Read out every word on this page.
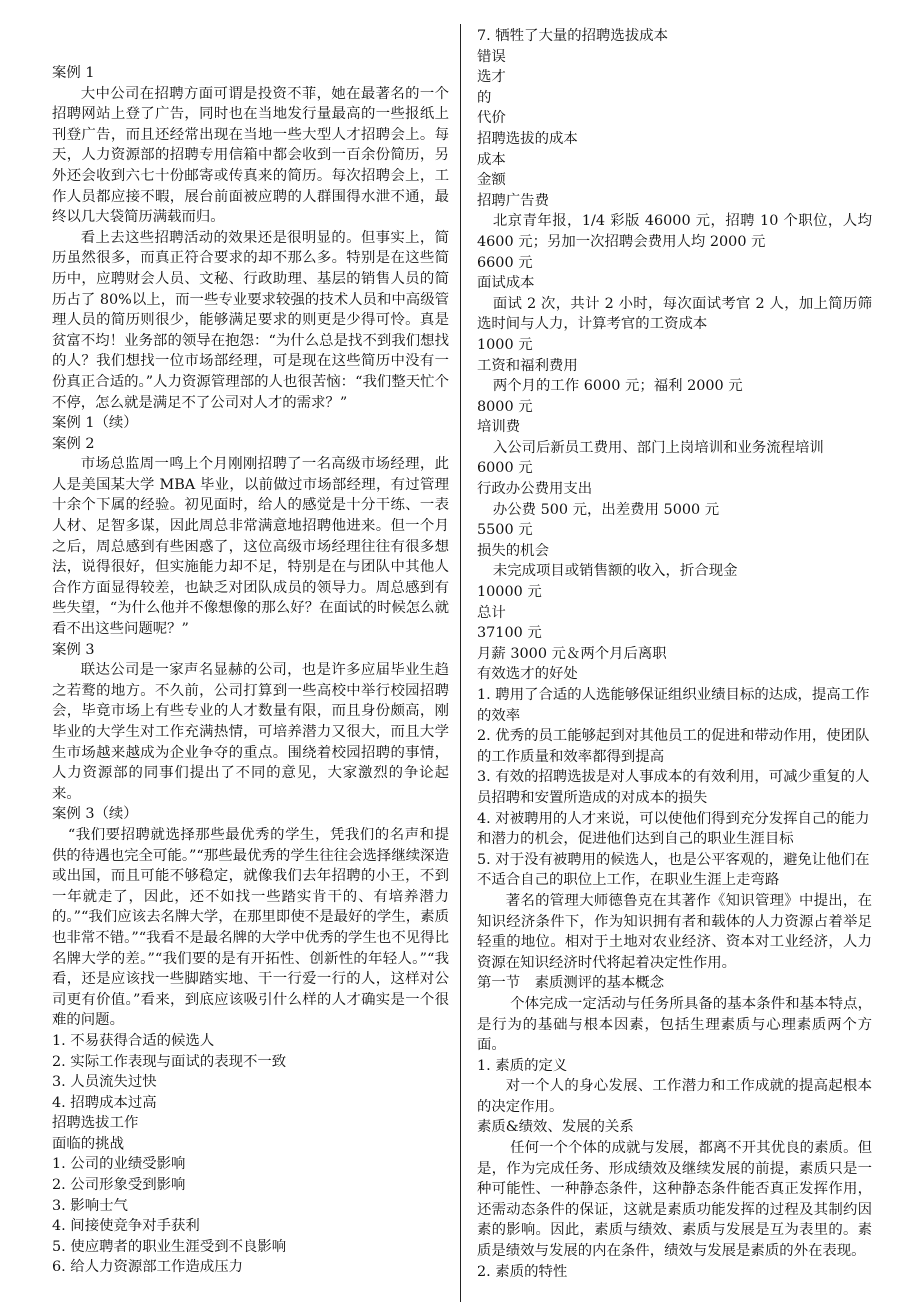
案例 1

大中公司在招聘方面可谓是投资不菲，她在最著名的一个招聘网站上登了广告，同时也在当地发行量最高的一些报纸上刊登广告，而且还经常出现在当地一些大型人才招聘会上。每天，人力资源部的招聘专用信箱中都会收到一百余份简历，另外还会收到六七十份邮寄或传真来的简历。每次招聘会上，工作人员都应接不暇，展台前面被应聘的人群围得水泄不通，最终以几大袋简历满载而归。

看上去这些招聘活动的效果还是很明显的。但事实上，简历虽然很多，而真正符合要求的却不那么多。特别是在这些简历中，应聘财会人员、文秘、行政助理、基层的销售人员的简历占了 80%以上，而一些专业要求较强的技术人员和中高级管理人员的简历则很少，能够满足要求的则更是少得可怜。真是贫富不均！业务部的领导在抱怨：“为什么总是找不到我们想找的人？我们想找一位市场部经理，可是现在这些简历中没有一份真正合适的。”人力资源管理部的人也很苦恼：“我们整天忙个不停，怎么就是满足不了公司对人才的需求？”

案例 1（续）

案例 2

市场总监周一鸣上个月刚刚招聘了一名高级市场经理，此人是美国某大学 MBA 毕业，以前做过市场部经理，有过管理十余个下属的经验。初见面时，给人的感觉是十分干练、一表人材、足智多谋，因此周总非常满意地招聘他进来。但一个月之后，周总感到有些困惑了，这位高级市场经理往往有很多想法，说得很好，但实施能力却不足，特别是在与团队中其他人合作方面显得较差，也缺乏对团队成员的领导力。周总感到有些失望，“为什么他并不像想像的那么好？在面试的时候怎么就看不出这些问题呢？”

案例 3

联达公司是一家声名显赫的公司，也是许多应届毕业生趋之若鹜的地方。不久前，公司打算到一些高校中举行校园招聘会，毕竟市场上有些专业的人才数量有限，而且身份颇高，刚毕业的大学生对工作充满热情，可培养潜力又很大，而且大学生市场越来越成为企业争夺的重点。围绕着校园招聘的事情，人力资源部的同事们提出了不同的意见，大家激烈的争论起来。

案例 3（续）

“我们要招聘就选择那些最优秀的学生，凭我们的名声和提供的待遇也完全可能。”“那些最优秀的学生往往会选择继续深造或出国，而且可能不够稳定，就像我们去年招聘的小王，不到一年就走了，因此，还不如找一些踏实肯干的、有培养潜力的。”“我们应该去名牌大学，在那里即使不是最好的学生，素质也非常不错。”“我看不是最名牌的大学中优秀的学生也不见得比名牌大学的差。”“我们要的是有开拓性、创新性的年轻人。”“我看，还是应该找一些脚踏实地、干一行爱一行的人，这样对公司更有价值。”看来，到底应该吸引什么样的人才确实是一个很难的问题。

1. 不易获得合适的候选人

2. 实际工作表现与面试的表现不一致

3. 人员流失过快

4. 招聘成本过高

招聘选拔工作

面临的挑战

1. 公司的业绩受影响

2. 公司形象受到影响

3. 影响士气

4. 间接使竞争对手获利

5. 使应聘者的职业生涯受到不良影响

6. 给人力资源部工作造成压力

7. 牺牲了大量的招聘选拔成本

错误

选才

的

代价

招聘选拔的成本

成本

金额

招聘广告费

北京青年报，1/4 彩版 46000 元，招聘 10 个职位，人均 4600 元；另加一次招聘会费用人均 2000 元

6600 元

面试成本

面试 2 次，共计 2 小时，每次面试考官 2 人，加上简历筛选时间与人力，计算考官的工资成本

1000 元

工资和福利费用

两个月的工作 6000 元；福利 2000 元

8000 元

培训费

入公司后新员工费用、部门上岗培训和业务流程培训

6000 元

行政办公费用支出

办公费 500 元，出差费用 5000 元

5500 元

损失的机会

未完成项目或销售额的收入，折合现金

10000 元

总计

37100 元

月薪 3000 元＆两个月后离职

有效选才的好处

1. 聘用了合适的人选能够保证组织业绩目标的达成，提高工作的效率

2. 优秀的员工能够起到对其他员工的促进和带动作用，使团队的工作质量和效率都得到提高

3. 有效的招聘选拔是对人事成本的有效利用，可减少重复的人员招聘和安置所造成的对成本的损失

4. 对被聘用的人才来说，可以使他们得到充分发挥自己的能力和潜力的机会，促进他们达到自己的职业生涯目标

5. 对于没有被聘用的候选人，也是公平客观的，避免让他们在不适合自己的职位上工作，在职业生涯上走弯路

著名的管理大师德鲁克在其著作《知识管理》中提出，在知识经济条件下，作为知识拥有者和载体的人力资源占着举足轻重的地位。相对于土地对农业经济、资本对工业经济，人力资源在知识经济时代将起着决定性作用。

第一节　素质测评的基本概念

个体完成一定活动与任务所具备的基本条件和基本特点，是行为的基础与根本因素，包括生理素质与心理素质两个方面。

1. 素质的定义

对一个人的身心发展、工作潜力和工作成就的提高起根本的决定作用。

素质&绩效、发展的关系

任何一个个体的成就与发展，都离不开其优良的素质。但是，作为完成任务、形成绩效及继续发展的前提，素质只是一种可能性、一种静态条件，这种静态条件能否真正发挥作用，还需动态条件的保证，这就是素质功能发挥的过程及其制约因素的影响。因此，素质与绩效、素质与发展是互为表里的。素质是绩效与发展的内在条件，绩效与发展是素质的外在表现。

2. 素质的特性
